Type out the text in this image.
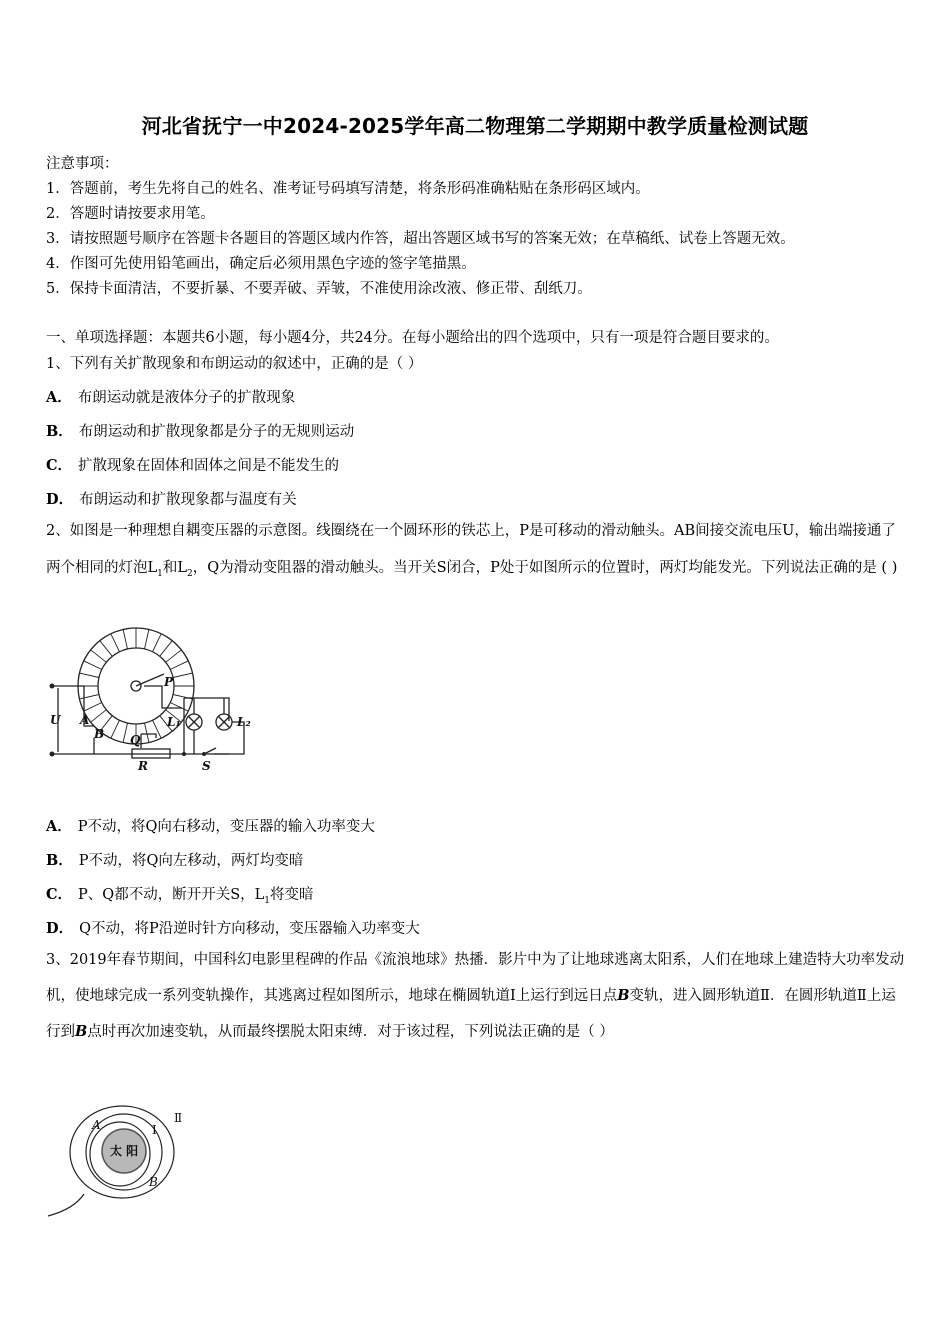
河北省抚宁一中2024-2025学年高二物理第二学期期中教学质量检测试题
注意事项：
1．答题前，考生先将自己的姓名、准考证号码填写清楚，将条形码准确粘贴在条形码区域内。
2．答题时请按要求用笔。
3．请按照题号顺序在答题卡各题目的答题区域内作答，超出答题区域书写的答案无效；在草稿纸、试卷上答题无效。
4．作图可先使用铅笔画出，确定后必须用黑色字迹的签字笔描黑。
5．保持卡面清洁，不要折暴、不要弄破、弄皱，不准使用涂改液、修正带、刮纸刀。
一、单项选择题：本题共6小题，每小题4分，共24分。在每小题给出的四个选项中，只有一项是符合题目要求的。
1、下列有关扩散现象和布朗运动的叙述中，正确的是（ ）
A． 布朗运动就是液体分子的扩散现象
B． 布朗运动和扩散现象都是分子的无规则运动
C． 扩散现象在固体和固体之间是不能发生的
D． 布朗运动和扩散现象都与温度有关
2、如图是一种理想自耦变压器的示意图。线圈绕在一个圆环形的铁芯上，P是可移动的滑动触头。AB间接交流电压U，输出端接通了两个相同的灯泡$L_1$和$L_2$，Q为滑动变阻器的滑动触头。当开关S闭合，P处于如图所示的位置时，两灯均能发光。下列说法正确的是 ( )
U A
B
P
Q
R	S
L₁	L₂
A． P不动，将Q向右移动，变压器的输入功率变大
B． P不动，将Q向左移动，两灯均变暗
C． P、Q都不动，断开开关S，$L_1$将变暗
D． Q不动，将P沿逆时针方向移动，变压器输入功率变大
3、2019年春节期间，中国科幻电影里程碑的作品《流浪地球》热播．影片中为了让地球逃离太阳系，人们在地球上建造特大功率发动机，使地球完成一系列变轨操作，其逃离过程如图所示，地球在椭圆轨道Ⅰ上运行到远日点B变轨，进入圆形轨道Ⅱ．在圆形轨道Ⅱ上运行到B点时再次加速变轨，从而最终摆脱太阳束缚．对于该过程，下列说法正确的是（ ）
太 阳
A
B
Ⅰ
Ⅱ
